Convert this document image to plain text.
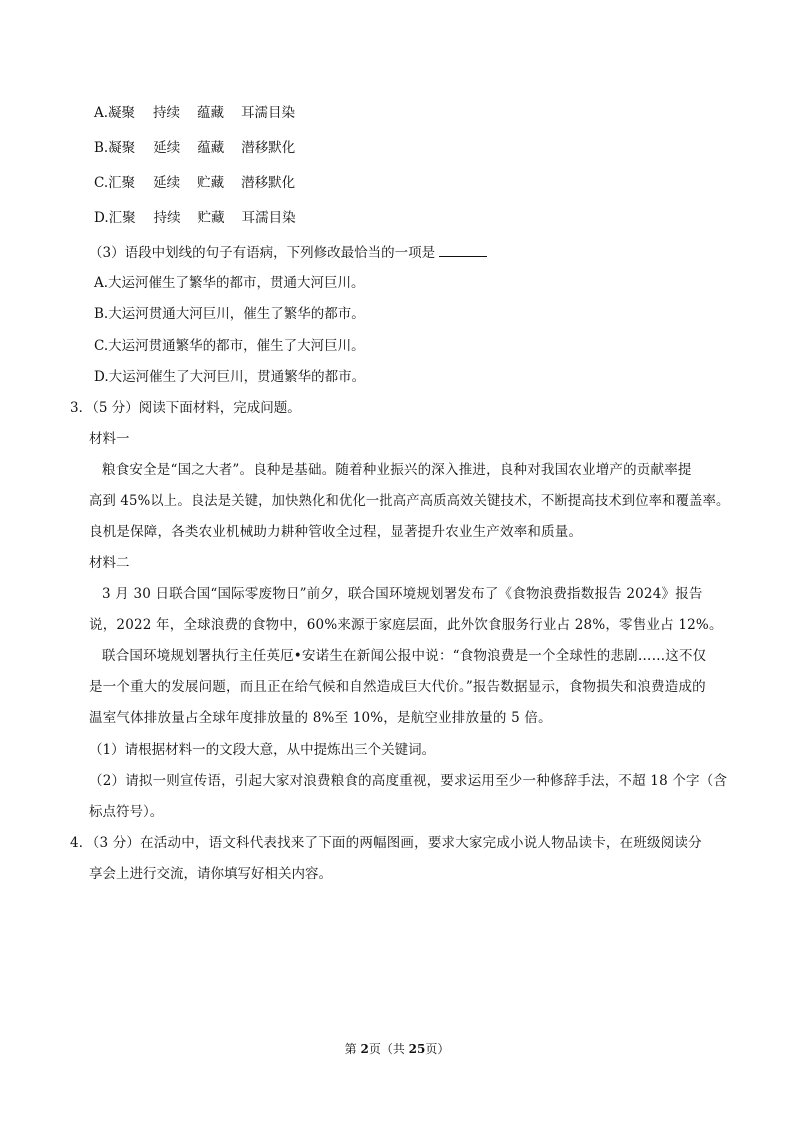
A.凝聚 持续 蕴藏 耳濡目染
B.凝聚 延续 蕴藏 潜移默化
C.汇聚 延续 贮藏 潜移默化
D.汇聚 持续 贮藏 耳濡目染
（3）语段中划线的句子有语病，下列修改最恰当的一项是
A.大运河催生了繁华的都市，贯通大河巨川。
B.大运河贯通大河巨川，催生了繁华的都市。
C.大运河贯通繁华的都市，催生了大河巨川。
D.大运河催生了大河巨川，贯通繁华的都市。
3．（5 分）阅读下面材料，完成问题。
材料一
粮食安全是“国之大者”。良种是基础。随着种业振兴的深入推进，良种对我国农业增产的贡献率提
高到 45%以上。良法是关键，加快熟化和优化一批高产高质高效关键技术，不断提高技术到位率和覆盖率。
良机是保障，各类农业机械助力耕种管收全过程，显著提升农业生产效率和质量。
材料二
3 月 30 日联合国“国际零废物日”前夕，联合国环境规划署发布了《食物浪费指数报告 2024》报告
说，2022 年，全球浪费的食物中，60%来源于家庭层面，此外饮食服务行业占 28%，零售业占 12%。
联合国环境规划署执行主任英厄•安诺生在新闻公报中说：“食物浪费是一个全球性的悲剧……这不仅
是一个重大的发展问题，而且正在给气候和自然造成巨大代价。”报告数据显示，食物损失和浪费造成的
温室气体排放量占全球年度排放量的 8%至 10%，是航空业排放量的 5 倍。
（1）请根据材料一的文段大意，从中提炼出三个关键词。
（2）请拟一则宣传语，引起大家对浪费粮食的高度重视，要求运用至少一种修辞手法，不超 18 个字（含
标点符号）。
4．（3 分）在活动中，语文科代表找来了下面的两幅图画，要求大家完成小说人物品读卡，在班级阅读分
享会上进行交流，请你填写好相关内容。
第 2页（共 25页）
